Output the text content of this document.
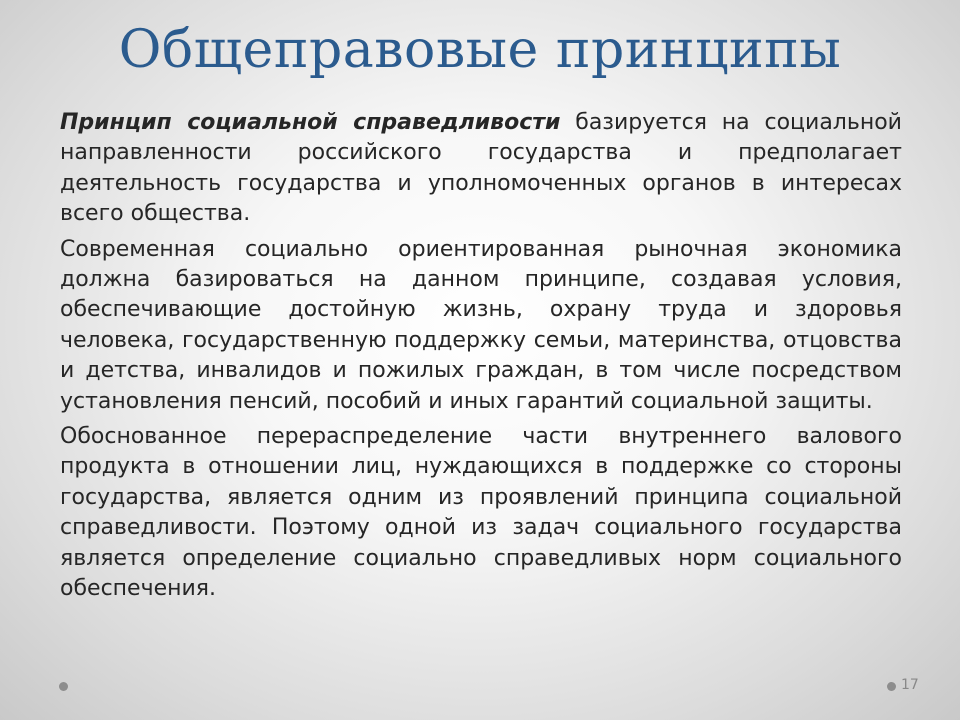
Общеправовые принципы

Принцип социальной справедливости базируется на социальной направленности российского государства и предполагает деятельность государства и уполномоченных органов в интересах всего общества.

Современная социально ориентированная рыночная экономика должна базироваться на данном принципе, создавая условия, обеспечивающие достойную жизнь, охрану труда и здоровья человека, государственную поддержку семьи, материнства, отцовства и детства, инвалидов и пожилых граждан, в том числе посредством установления пенсий, пособий и иных гарантий социальной защиты.

Обоснованное перераспределение части внутреннего валового продукта в отношении лиц, нуждающихся в поддержке со стороны государства, является одним из проявлений принципа социальной справедливости. Поэтому одной из задач социального государства является определение социально справедливых норм социального обеспечения.

17
